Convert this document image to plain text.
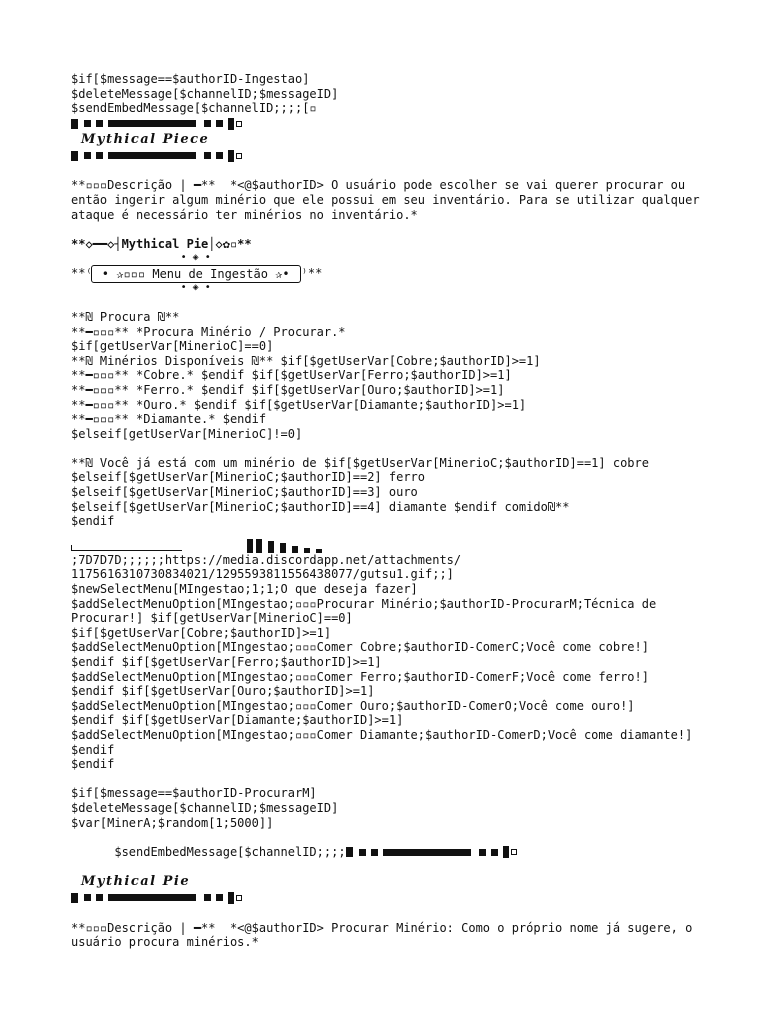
$if[$message==$authorID-Ingestao]
$deleteMessage[$channelID;$messageID]
$sendEmbedMessage[$channelID;;;;[▫
Mythical Piece
**▫▫▫Descrição | ━**  *<@$authorID> O usuário pode escolher se vai querer procurar ou então ingerir algum minério que ele possui em seu inventário. Para se utilizar qualquer ataque é necessário ter minérios no inventário.*
**◇━━◇┤Mythical Pie│◇✿▫**
**⁽
• ◈ •
• ✰▫▫▫ Menu de Ingestão ✰•
• ◈ •
⁾**
**₪ Procura ₪**
**━▫▫▫** *Procura Minério / Procurar.*
$if[getUserVar[MinerioC]==0]
**₪ Minérios Disponíveis ₪** $if[$getUserVar[Cobre;$authorID]>=1]
**━▫▫▫** *Cobre.* $endif $if[$getUserVar[Ferro;$authorID]>=1]
**━▫▫▫** *Ferro.* $endif $if[$getUserVar[Ouro;$authorID]>=1]
**━▫▫▫** *Ouro.* $endif $if[$getUserVar[Diamante;$authorID]>=1]
**━▫▫▫** *Diamante.* $endif
$elseif[getUserVar[MinerioC]!=0]
**₪ Você já está com um minério de $if[$getUserVar[MinerioC;$authorID]==1] cobre $elseif[$getUserVar[MinerioC;$authorID]==2] ferro $elseif[$getUserVar[MinerioC;$authorID]==3] ouro $elseif[$getUserVar[MinerioC;$authorID]==4] diamante $endif comido₪**
$endif
;7D7D7D;;;;;;https://media.discordapp.net/attachments/
1175616310730834021/1295593811556438077/gutsu1.gif;;]
$newSelectMenu[MIngestao;1;1;O que deseja fazer]
$addSelectMenuOption[MIngestao;▫▫▫Procurar Minério;$authorID-ProcurarM;Técnica de Procurar!] $if[getUserVar[MinerioC]==0]
$if[$getUserVar[Cobre;$authorID]>=1]
$addSelectMenuOption[MIngestao;▫▫▫Comer Cobre;$authorID-ComerC;Você come cobre!]
$endif $if[$getUserVar[Ferro;$authorID]>=1]
$addSelectMenuOption[MIngestao;▫▫▫Comer Ferro;$authorID-ComerF;Você come ferro!]
$endif $if[$getUserVar[Ouro;$authorID]>=1]
$addSelectMenuOption[MIngestao;▫▫▫Comer Ouro;$authorID-ComerO;Você come ouro!]
$endif $if[$getUserVar[Diamante;$authorID]>=1]
$addSelectMenuOption[MIngestao;▫▫▫Comer Diamante;$authorID-ComerD;Você come diamante!] $endif
$endif
$if[$message==$authorID-ProcurarM]
$deleteMessage[$channelID;$messageID]
$var[MinerA;$random[1;5000]]

$sendEmbedMessage[$channelID;;;;

Mythical Pie
**▫▫▫Descrição | ━**  *<@$authorID> Procurar Minério: Como o próprio nome já sugere, o usuário procura minérios.*
